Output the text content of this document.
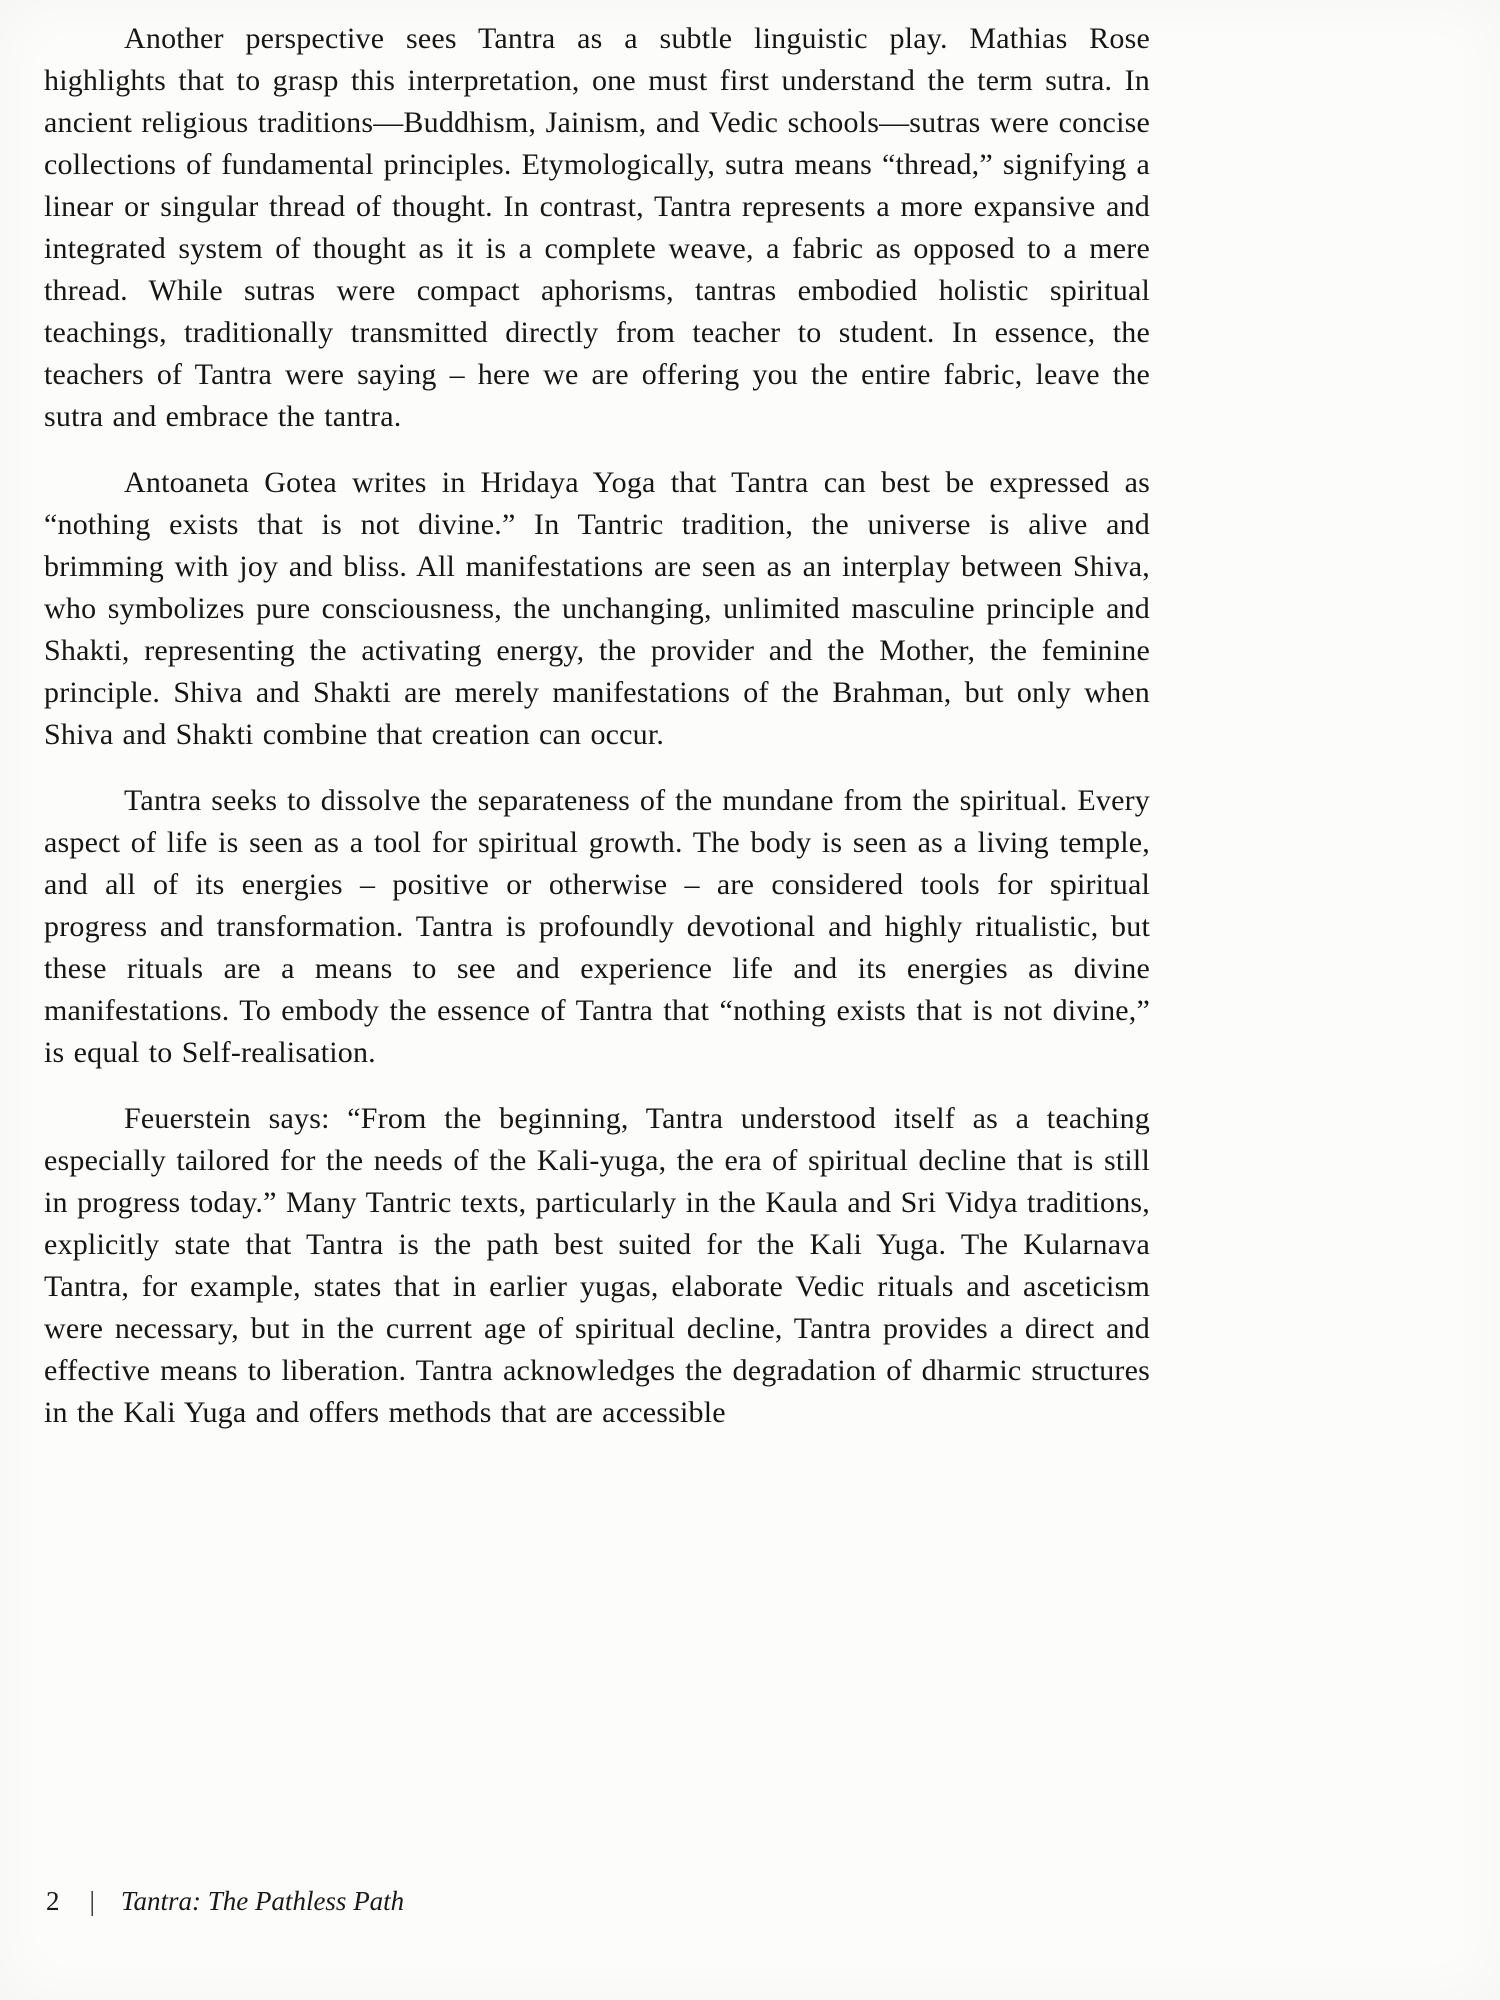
Another perspective sees Tantra as a subtle linguistic play. Mathias Rose highlights that to grasp this interpretation, one must first understand the term sutra. In ancient religious traditions—Buddhism, Jainism, and Vedic schools—sutras were concise collections of fundamental principles. Etymologically, sutra means “thread,” signifying a linear or singular thread of thought. In contrast, Tantra represents a more expansive and integrated system of thought as it is a complete weave, a fabric as opposed to a mere thread. While sutras were compact aphorisms, tantras embodied holistic spiritual teachings, traditionally transmitted directly from teacher to student. In essence, the teachers of Tantra were saying – here we are offering you the entire fabric, leave the sutra and embrace the tantra.

Antoaneta Gotea writes in Hridaya Yoga that Tantra can best be expressed as “nothing exists that is not divine.” In Tantric tradition, the universe is alive and brimming with joy and bliss. All manifestations are seen as an interplay between Shiva, who symbolizes pure consciousness, the unchanging, unlimited masculine principle and Shakti, representing the activating energy, the provider and the Mother, the feminine principle. Shiva and Shakti are merely manifestations of the Brahman, but only when Shiva and Shakti combine that creation can occur.

Tantra seeks to dissolve the separateness of the mundane from the spiritual. Every aspect of life is seen as a tool for spiritual growth. The body is seen as a living temple, and all of its energies – positive or otherwise – are considered tools for spiritual progress and transformation. Tantra is profoundly devotional and highly ritualistic, but these rituals are a means to see and experience life and its energies as divine manifestations. To embody the essence of Tantra that “nothing exists that is not divine,” is equal to Self-realisation.

Feuerstein says: “From the beginning, Tantra understood itself as a teaching especially tailored for the needs of the Kali-yuga, the era of spiritual decline that is still in progress today.” Many Tantric texts, particularly in the Kaula and Sri Vidya traditions, explicitly state that Tantra is the path best suited for the Kali Yuga. The Kularnava Tantra, for example, states that in earlier yugas, elaborate Vedic rituals and asceticism were necessary, but in the current age of spiritual decline, Tantra provides a direct and effective means to liberation. Tantra acknowledges the degradation of dharmic structures in the Kali Yuga and offers methods that are accessible

2 | Tantra: The Pathless Path
